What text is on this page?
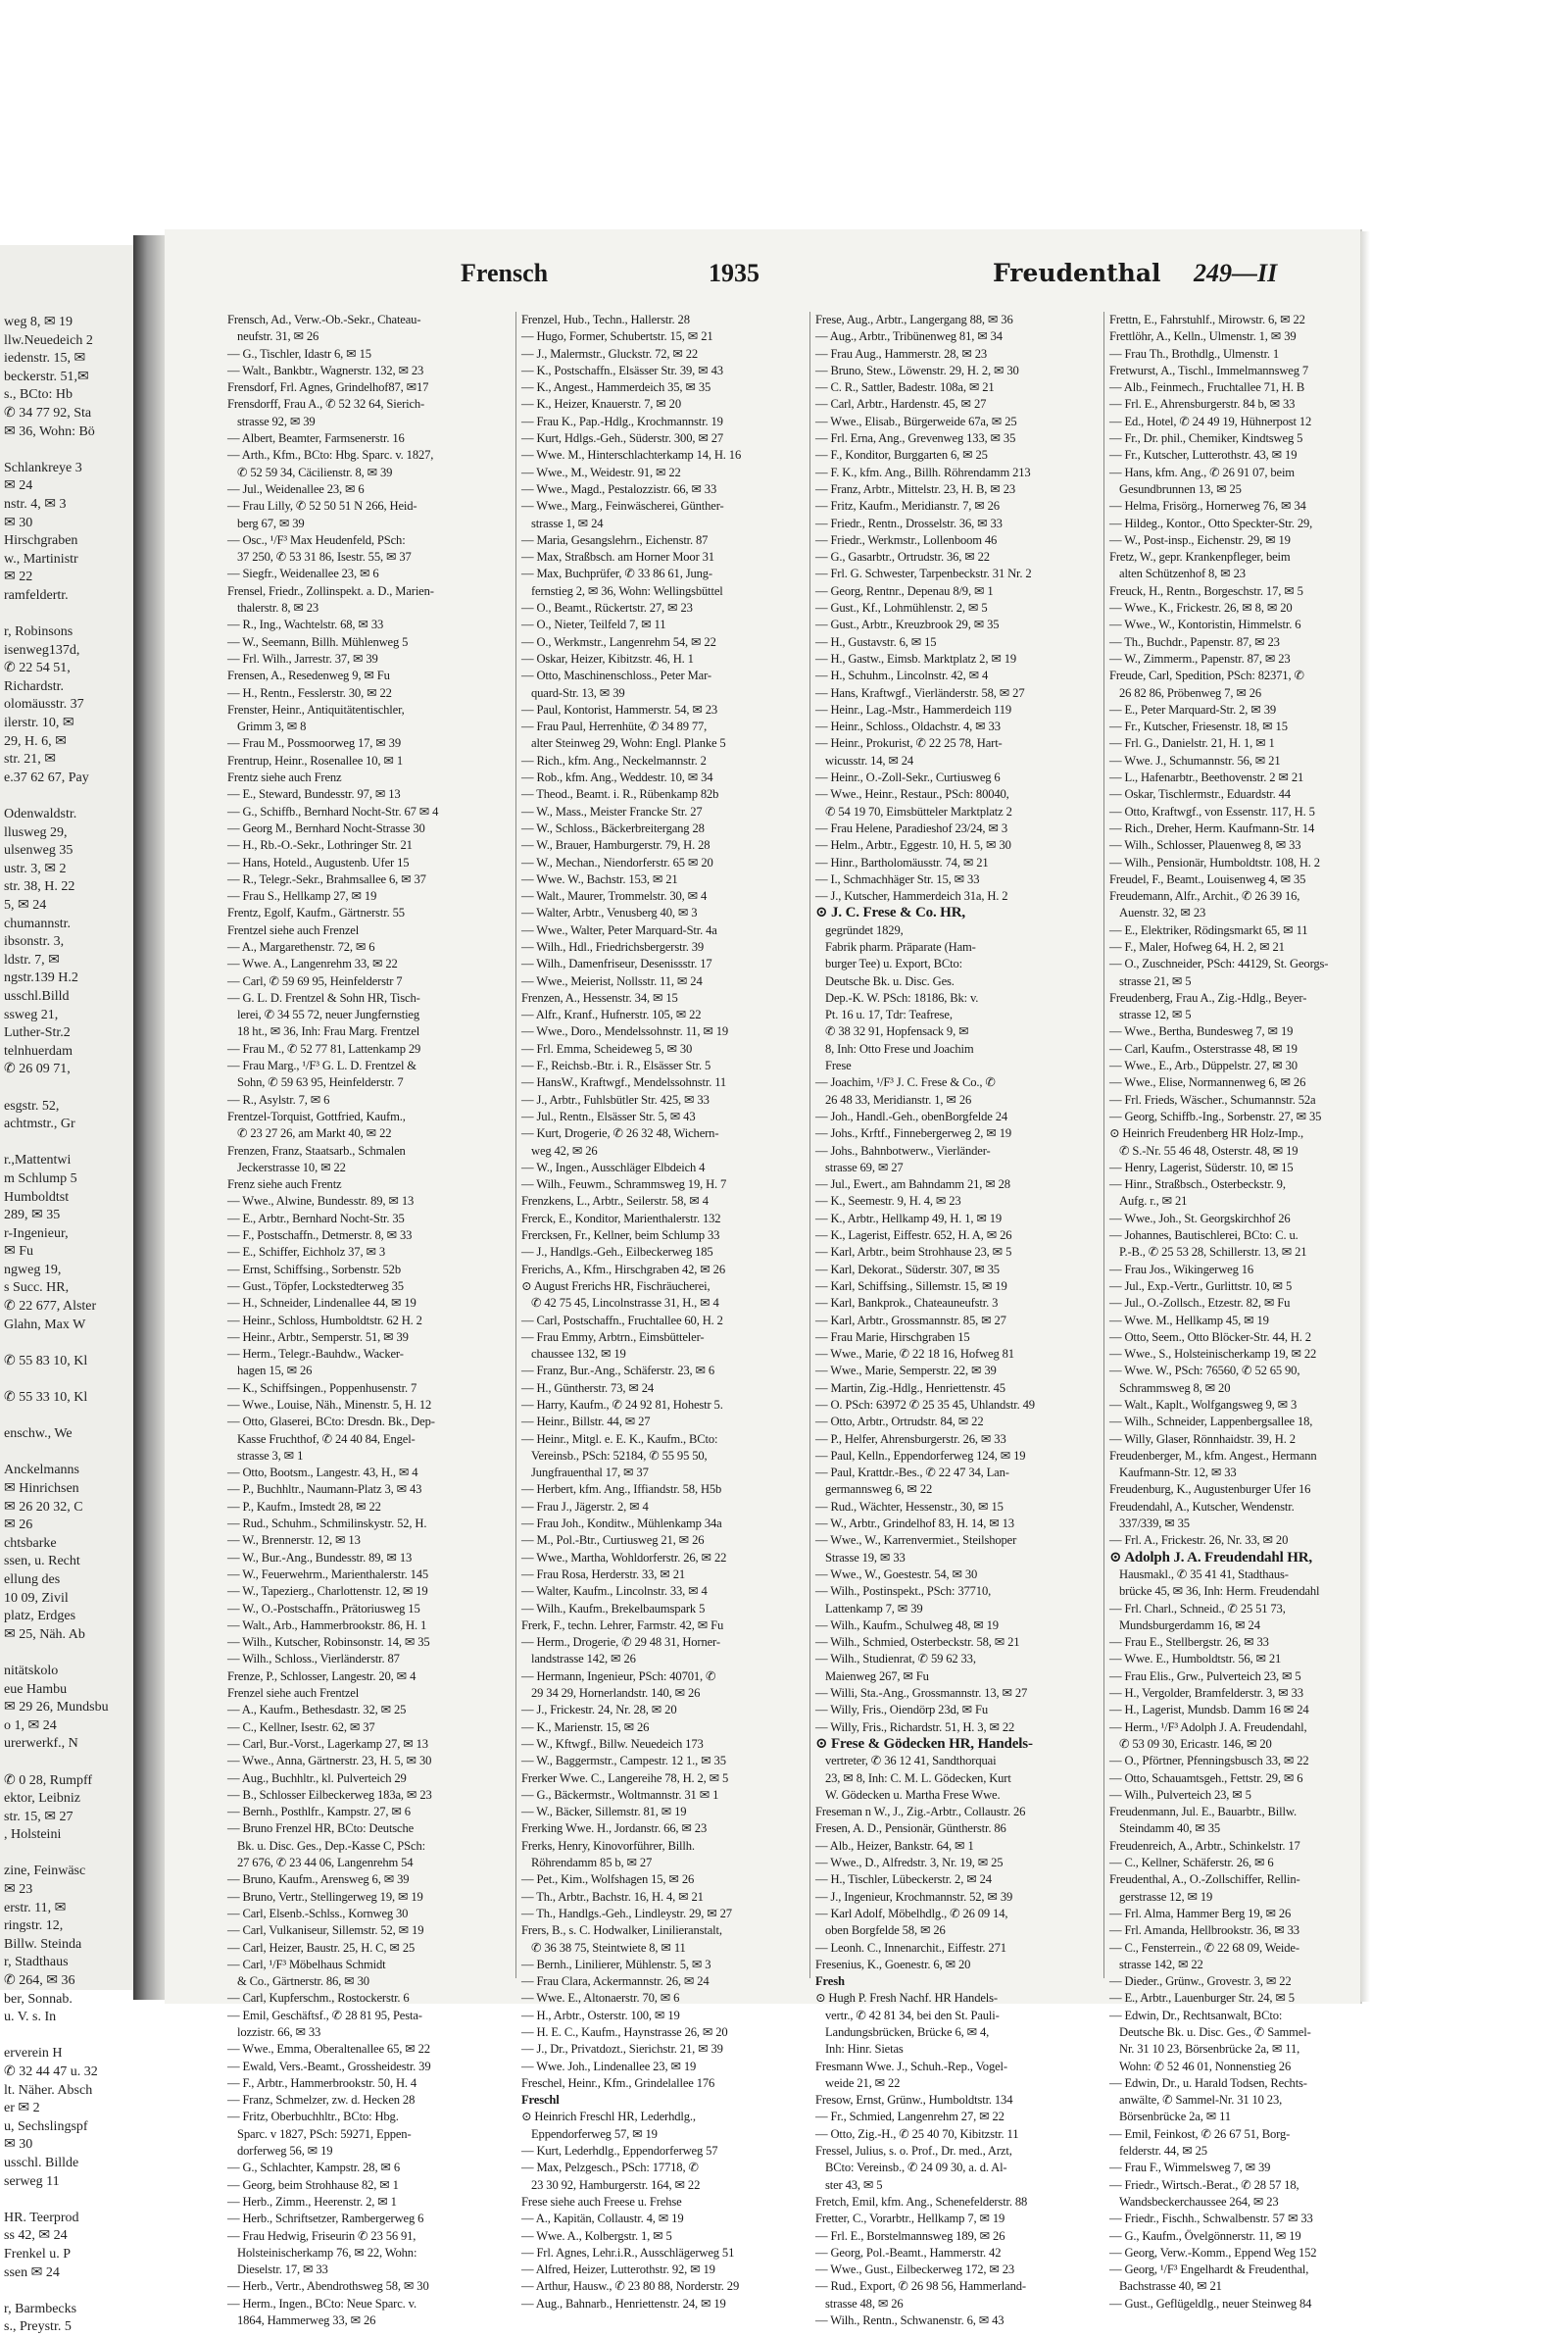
weg 8, ✉ 19
llw.Neuedeich 2
iedenstr. 15, ✉
beckerstr. 51,✉
s., BCto: Hb
✆ 34 77 92, Sta
✉ 36, Wohn: Bö

Schlankreye 3
✉ 24
nstr. 4, ✉ 3
✉ 30
Hirschgraben
w., Martinistr
✉ 22
ramfeldertr.

r, Robinsons
isenweg137d,
✆ 22 54 51,
Richardstr.
olomäusstr. 37
ilerstr. 10, ✉
29, H. 6, ✉
str. 21, ✉
e.37 62 67, Pay

Odenwaldstr.
llusweg 29,
ulsenweg 35
ustr. 3, ✉ 2
str. 38, H. 22
5, ✉ 24
chumannstr.
ibsonstr. 3,
ldstr. 7, ✉
ngstr.139 H.2
usschl.Billd
ssweg 21,
Luther-Str.2
telnhuerdam
✆ 26 09 71,

esgstr. 52,
achtmstr., Gr

r.,Mattentwi
m Schlump 5
Humboldtst
289, ✉ 35
r-Ingenieur,
✉ Fu
ngweg 19,
s Succ. HR,
✆ 22 677, Alster
Glahn, Max W

✆ 55 83 10, Kl

✆ 55 33 10, Kl

enschw., We

Anckelmanns
✉ Hinrichsen
✉ 26 20 32, C
✉ 26
chtsbarke
ssen, u. Recht
ellung des
10 09, Zivil
platz, Erdges
✉ 25, Näh. Ab

nitätskolo
eue Hambu
✉ 29 26, Mundsbu
o 1, ✉ 24
urerwerkf., N

✆ 0 28, Rumpff
ektor, Leibniz
str. 15, ✉ 27
, Holsteini

zine, Feinwäsc
✉ 23
erstr. 11, ✉
ringstr. 12,
Billw. Steinda
r, Stadthaus
✆ 264, ✉ 36
ber, Sonnab.
u. V. s. In

erverein H
✆ 32 44 47 u. 32
lt. Näher. Absch
er ✉ 2
u, Sechslingspf
✉ 30
usschl. Billde
serweg 11

HR. Teerprod
ss 42, ✉ 24
Frenkel u. P
ssen ✉ 24

r, Barmbecks
s., Preystr. 5
Frensch	1935	Freudenthal 249—II
Frensch, Ad., Verw.-Ob.-Sekr., Chateau-
neufstr. 31, ✉ 26
— G., Tischler, Idastr 6, ✉ 15
— Walt., Bankbtr., Wagnerstr. 132, ✉ 23
Frensdorf, Frl. Agnes, Grindelhof87, ✉17
Frensdorff, Frau A., ✆ 52 32 64, Sierich-
strasse 92, ✉ 39
— Albert, Beamter, Farmsenerstr. 16
— Arth., Kfm., BCto: Hbg. Sparc. v. 1827,
✆ 52 59 34, Cäcilienstr. 8, ✉ 39
— Jul., Weidenallee 23, ✉ 6
— Frau Lilly, ✆ 52 50 51 N 266, Heid-
berg 67, ✉ 39
— Osc., ¹/F³ Max Heudenfeld, PSch:
37 250, ✆ 53 31 86, Isestr. 55, ✉ 37
— Siegfr., Weidenallee 23, ✉ 6
Frensel, Friedr., Zollinspekt. a. D., Marien-
thalerstr. 8, ✉ 23
— R., Ing., Wachtelstr. 68, ✉ 33
— W., Seemann, Billh. Mühlenweg 5
— Frl. Wilh., Jarrestr. 37, ✉ 39
Frensen, A., Resedenweg 9, ✉ Fu
— H., Rentn., Fesslerstr. 30, ✉ 22
Frenster, Heinr., Antiquitätentischler,
Grimm 3, ✉ 8
— Frau M., Possmoorweg 17, ✉ 39
Frentrup, Heinr., Rosenallee 10, ✉ 1
Frentz siehe auch Frenz
— E., Steward, Bundesstr. 97, ✉ 13
— G., Schiffb., Bernhard Nocht-Str. 67 ✉ 4
— Georg M., Bernhard Nocht-Strasse 30
— H., Rb.-O.-Sekr., Lothringer Str. 21
— Hans, Hoteld., Augustenb. Ufer 15
— R., Telegr.-Sekr., Brahmsallee 6, ✉ 37
— Frau S., Hellkamp 27, ✉ 19
Frentz, Egolf, Kaufm., Gärtnerstr. 55
Frentzel siehe auch Frenzel
— A., Margarethenstr. 72, ✉ 6
— Wwe. A., Langenrehm 33, ✉ 22
— Carl, ✆ 59 69 95, Heinfelderstr 7
— G. L. D. Frentzel & Sohn HR, Tisch-
lerei, ✆ 34 55 72, neuer Jungfernstieg
18 ht., ✉ 36, Inh: Frau Marg. Frentzel
— Frau M., ✆ 52 77 81, Lattenkamp 29
— Frau Marg., ¹/F³ G. L. D. Frentzel &
Sohn, ✆ 59 63 95, Heinfelderstr. 7
— R., Asylstr. 7, ✉ 6
Frentzel-Torquist, Gottfried, Kaufm.,
✆ 23 27 26, am Markt 40, ✉ 22
Frenzen, Franz, Staatsarb., Schmalen
Jeckerstrasse 10, ✉ 22
Frenz siehe auch Frentz
— Wwe., Alwine, Bundesstr. 89, ✉ 13
— E., Arbtr., Bernhard Nocht-Str. 35
— F., Postschaffn., Detmerstr. 8, ✉ 33
— E., Schiffer, Eichholz 37, ✉ 3
— Ernst, Schiffsing., Sorbenstr. 52b
— Gust., Töpfer, Lockstedterweg 35
— H., Schneider, Lindenallee 44, ✉ 19
— Heinr., Schloss, Humboldtstr. 62 H. 2
— Heinr., Arbtr., Semperstr. 51, ✉ 39
— Herm., Telegr.-Bauhdw., Wacker-
hagen 15, ✉ 26
— K., Schiffsingen., Poppenhusenstr. 7
— Wwe., Louise, Näh., Minenstr. 5, H. 12
— Otto, Glaserei, BCto: Dresdn. Bk., Dep-
Kasse Fruchthof, ✆ 24 40 84, Engel-
strasse 3, ✉ 1
— Otto, Bootsm., Langestr. 43, H., ✉ 4
— P., Buchhltr., Naumann-Platz 3, ✉ 43
— P., Kaufm., Imstedt 28, ✉ 22
— Rud., Schuhm., Schmilinskystr. 52, H.
— W., Brennerstr. 12, ✉ 13
— W., Bur.-Ang., Bundesstr. 89, ✉ 13
— W., Feuerwehrm., Marienthalerstr. 145
— W., Tapezierg., Charlottenstr. 12, ✉ 19
— W., O.-Postschaffn., Prätoriusweg 15
— Walt., Arb., Hammerbrookstr. 86, H. 1
— Wilh., Kutscher, Robinsonstr. 14, ✉ 35
— Wilh., Schloss., Vierländerstr. 87
Frenze, P., Schlosser, Langestr. 20, ✉ 4
Frenzel siehe auch Frentzel
— A., Kaufm., Bethesdastr. 32, ✉ 25
— C., Kellner, Isestr. 62, ✉ 37
— Carl, Bur.-Vorst., Lagerkamp 27, ✉ 13
— Wwe., Anna, Gärtnerstr. 23, H. 5, ✉ 30
— Aug., Buchhltr., kl. Pulverteich 29
— B., Schlosser Eilbeckerweg 183a, ✉ 23
— Bernh., Posthlfr., Kampstr. 27, ✉ 6
— Bruno Frenzel HR, BCto: Deutsche
Bk. u. Disc. Ges., Dep.-Kasse C, PSch:
27 676, ✆ 23 44 06, Langenrehm 54
— Bruno, Kaufm., Arensweg 6, ✉ 39
— Bruno, Vertr., Stellingerweg 19, ✉ 19
— Carl, Elsenb.-Schlss., Kornweg 30
— Carl, Vulkaniseur, Sillemstr. 52, ✉ 19
— Carl, Heizer, Baustr. 25, H. C, ✉ 25
— Carl, ¹/F³ Möbelhaus Schmidt
& Co., Gärtnerstr. 86, ✉ 30
— Carl, Kupferschm., Rostockerstr. 6
— Emil, Geschäftsf., ✆ 28 81 95, Pesta-
lozzistr. 66, ✉ 33
— Wwe., Emma, Oberaltenallee 65, ✉ 22
— Ewald, Vers.-Beamt., Grossheidestr. 39
— F., Arbtr., Hammerbrookstr. 50, H. 4
— Franz, Schmelzer, zw. d. Hecken 28
— Fritz, Oberbuchhltr., BCto: Hbg.
Sparc. v 1827, PSch: 59271, Eppen-
dorferweg 56, ✉ 19
— G., Schlachter, Kampstr. 28, ✉ 6
— Georg, beim Strohhause 82, ✉ 1
— Herb., Zimm., Heerenstr. 2, ✉ 1
— Herb., Schriftsetzer, Rambergerweg 6
— Frau Hedwig, Friseurin ✆ 23 56 91,
Holsteinischerkamp 76, ✉ 22, Wohn:
Dieselstr. 17, ✉ 33
— Herb., Vertr., Abendrothsweg 58, ✉ 30
— Herm., Ingen., BCto: Neue Sparc. v.
1864, Hammerweg 33, ✉ 26
Frenzel, Hub., Techn., Hallerstr. 28
— Hugo, Former, Schubertstr. 15, ✉ 21
— J., Malermstr., Gluckstr. 72, ✉ 22
— K., Postschaffn., Elsässer Str. 39, ✉ 43
— K., Angest., Hammerdeich 35, ✉ 35
— K., Heizer, Knauerstr. 7, ✉ 20
— Frau K., Pap.-Hdlg., Krochmannstr. 19
— Kurt, Hdlgs.-Geh., Süderstr. 300, ✉ 27
— Wwe. M., Hinterschlachterkamp 14, H. 16
— Wwe., M., Weidestr. 91, ✉ 22
— Wwe., Magd., Pestalozzistr. 66, ✉ 33
— Wwe., Marg., Feinwäscherei, Günther-
strasse 1, ✉ 24
— Maria, Gesangslehrn., Eichenstr. 87
— Max, Straßbsch. am Horner Moor 31
— Max, Buchprüfer, ✆ 33 86 61, Jung-
fernstieg 2, ✉ 36, Wohn: Wellingsbüttel
— O., Beamt., Rückertstr. 27, ✉ 23
— O., Nieter, Teilfeld 7, ✉ 11
— O., Werkmstr., Langenrehm 54, ✉ 22
— Oskar, Heizer, Kibitzstr. 46, H. 1
— Otto, Maschinenschloss., Peter Mar-
quard-Str. 13, ✉ 39
— Paul, Kontorist, Hammerstr. 54, ✉ 23
— Frau Paul, Herrenhüte, ✆ 34 89 77,
alter Steinweg 29, Wohn: Engl. Planke 5
— Rich., kfm. Ang., Neckelmannstr. 2
— Rob., kfm. Ang., Weddestr. 10, ✉ 34
— Theod., Beamt. i. R., Rübenkamp 82b
— W., Mass., Meister Francke Str. 27
— W., Schloss., Bäckerbreitergang 28
— W., Brauer, Hamburgerstr. 79, H. 28
— W., Mechan., Niendorferstr. 65 ✉ 20
— Wwe. W., Bachstr. 153, ✉ 21
— Walt., Maurer, Trommelstr. 30, ✉ 4
— Walter, Arbtr., Venusberg 40, ✉ 3
— Wwe., Walter, Peter Marquard-Str. 4a
— Wilh., Hdl., Friedrichsbergerstr. 39
— Wilh., Damenfriseur, Desenissstr. 17
— Wwe., Meierist, Nollsstr. 11, ✉ 24
Frenzen, A., Hessenstr. 34, ✉ 15
— Alfr., Kranf., Hufnerstr. 105, ✉ 22
— Wwe., Doro., Mendelssohnstr. 11, ✉ 19
— Frl. Emma, Scheideweg 5, ✉ 30
— F., Reichsb.-Btr. i. R., Elsässer Str. 5
— HansW., Kraftwgf., Mendelssohnstr. 11
— J., Arbtr., Fuhlsbütler Str. 425, ✉ 33
— Jul., Rentn., Elsässer Str. 5, ✉ 43
— Kurt, Drogerie, ✆ 26 32 48, Wichern-
weg 42, ✉ 26
— W., Ingen., Ausschläger Elbdeich 4
— Wilh., Feuwm., Schrammsweg 19, H. 7
Frenzkens, L., Arbtr., Seilerstr. 58, ✉ 4
Frerck, E., Konditor, Marienthalerstr. 132
Frercksen, Fr., Kellner, beim Schlump 33
— J., Handlgs.-Geh., Eilbeckerweg 185
Frerichs, A., Kfm., Hirschgraben 42, ✉ 26
⊙ August Frerichs HR, Fischräucherei,
✆ 42 75 45, Lincolnstrasse 31, H., ✉ 4
— Carl, Postschaffn., Fruchtallee 60, H. 2
— Frau Emmy, Arbtrn., Eimsbütteler-
chaussee 132, ✉ 19
— Franz, Bur.-Ang., Schäferstr. 23, ✉ 6
— H., Güntherstr. 73, ✉ 24
— Harry, Kaufm., ✆ 24 92 81, Hohestr 5.
— Heinr., Billstr. 44, ✉ 27
— Heinr., Mitgl. e. E. K., Kaufm., BCto:
Vereinsb., PSch: 52184, ✆ 55 95 50,
Jungfrauenthal 17, ✉ 37
— Herbert, kfm. Ang., Iffiandstr. 58, H5b
— Frau J., Jägerstr. 2, ✉ 4
— Frau Joh., Konditw., Mühlenkamp 34a
— M., Pol.-Btr., Curtiusweg 21, ✉ 26
— Wwe., Martha, Wohldorferstr. 26, ✉ 22
— Frau Rosa, Herderstr. 33, ✉ 21
— Walter, Kaufm., Lincolnstr. 33, ✉ 4
— Wilh., Kaufm., Brekelbaumspark 5
Frerk, F., techn. Lehrer, Farmstr. 42, ✉ Fu
— Herm., Drogerie, ✆ 29 48 31, Horner-
landstrasse 142, ✉ 26
— Hermann, Ingenieur, PSch: 40701, ✆
29 34 29, Hornerlandstr. 140, ✉ 26
— J., Frickestr. 24, Nr. 28, ✉ 20
— K., Marienstr. 15, ✉ 26
— W., Kftwgf., Billw. Neuedeich 173
— W., Baggermstr., Campestr. 12 1., ✉ 35
Frerker Wwe. C., Langereihe 78, H. 2, ✉ 5
— G., Bäckermstr., Woltmannstr. 31 ✉ 1
— W., Bäcker, Sillemstr. 81, ✉ 19
Frerking Wwe. H., Jordanstr. 66, ✉ 23
Frerks, Henry, Kinovorführer, Billh.
Röhrendamm 85 b, ✉ 27
— Pet., Kim., Wolfshagen 15, ✉ 26
— Th., Arbtr., Bachstr. 16, H. 4, ✉ 21
— Th., Handlgs.-Geh., Lindleystr. 29, ✉ 27
Frers, B., s. C. Hodwalker, Linilieranstalt,
✆ 36 38 75, Steintwiete 8, ✉ 11
— Bernh., Linilierer, Mühlenstr. 5, ✉ 3
— Frau Clara, Ackermannstr. 26, ✉ 24
— Wwe. E., Altonaerstr. 70, ✉ 6
— H., Arbtr., Osterstr. 100, ✉ 19
— H. E. C., Kaufm., Haynstrasse 26, ✉ 20
— J., Dr., Privatdozt., Sierichstr. 21, ✉ 39
— Wwe. Joh., Lindenallee 23, ✉ 19
Freschel, Heinr., Kfm., Grindelallee 176
Freschl
⊙ Heinrich Freschl HR, Lederhdlg.,
Eppendorferweg 57, ✉ 19
— Kurt, Lederhdlg., Eppendorferweg 57
— Max, Pelzgesch., PSch: 17718, ✆
23 30 92, Hamburgerstr. 164, ✉ 22
Frese siehe auch Freese u. Frehse
— A., Kapitän, Collaustr. 4, ✉ 19
— Wwe. A., Kolbergstr. 1, ✉ 5
— Frl. Agnes, Lehr.i.R., Ausschlägerweg 51
— Alfred, Heizer, Lutterothstr. 92, ✉ 19
— Arthur, Hausw., ✆ 23 80 88, Norderstr. 29
— Aug., Bahnarb., Henriettenstr. 24, ✉ 19
Frese, Aug., Arbtr., Langergang 88, ✉ 36
— Aug., Arbtr., Tribünenweg 81, ✉ 34
— Frau Aug., Hammerstr. 28, ✉ 23
— Bruno, Stew., Löwenstr. 29, H. 2, ✉ 30
— C. R., Sattler, Badestr. 108a, ✉ 21
— Carl, Arbtr., Hardenstr. 45, ✉ 27
— Wwe., Elisab., Bürgerweide 67a, ✉ 25
— Frl. Erna, Ang., Grevenweg 133, ✉ 35
— F., Konditor, Burggarten 6, ✉ 25
— F. K., kfm. Ang., Billh. Röhrendamm 213
— Franz, Arbtr., Mittelstr. 23, H. B, ✉ 23
— Fritz, Kaufm., Meridianstr. 7, ✉ 26
— Friedr., Rentn., Drosselstr. 36, ✉ 33
— Friedr., Werkmstr., Lollenboom 46
— G., Gasarbtr., Ortrudstr. 36, ✉ 22
— Frl. G. Schwester, Tarpenbeckstr. 31 Nr. 2
— Georg, Rentnr., Depenau 8/9, ✉ 1
— Gust., Kf., Lohmühlenstr. 2, ✉ 5
— Gust., Arbtr., Kreuzbrook 29, ✉ 35
— H., Gustavstr. 6, ✉ 15
— H., Gastw., Eimsb. Marktplatz 2, ✉ 19
— H., Schuhm., Lincolnstr. 42, ✉ 4
— Hans, Kraftwgf., Vierländerstr. 58, ✉ 27
— Heinr., Lag.-Mstr., Hammerdeich 119
— Heinr., Schloss., Oldachstr. 4, ✉ 33
— Heinr., Prokurist, ✆ 22 25 78, Hart-
wicusstr. 14, ✉ 24
— Heinr., O.-Zoll-Sekr., Curtiusweg 6
— Wwe., Heinr., Restaur., PSch: 80040,
✆ 54 19 70, Eimsbütteler Marktplatz 2
— Frau Helene, Paradieshof 23/24, ✉ 3
— Helm., Arbtr., Eggestr. 10, H. 5, ✉ 30
— Hinr., Bartholomäusstr. 74, ✉ 21
— I., Schmachhäger Str. 15, ✉ 33
— J., Kutscher, Hammerdeich 31a, H. 2
⊙ J. C. Frese & Co. HR,
gegründet 1829,
Fabrik pharm. Präparate (Ham-
burger Tee) u. Export, BCto:
Deutsche Bk. u. Disc. Ges.
Dep.-K. W. PSch: 18186, Bk: v.
Pt. 16 u. 17, Tdr: Teafrese,
✆ 38 32 91, Hopfensack 9, ✉
8, Inh: Otto Frese und Joachim
Frese
— Joachim, ¹/F³ J. C. Frese & Co., ✆
26 48 33, Meridianstr. 1, ✉ 26
— Joh., Handl.-Geh., obenBorgfelde 24
— Johs., Krftf., Finnebergerweg 2, ✉ 19
— Johs., Bahnbotwerw., Vierländer-
strasse 69, ✉ 27
— Jul., Ewert., am Bahndamm 21, ✉ 28
— K., Seemestr. 9, H. 4, ✉ 23
— K., Arbtr., Hellkamp 49, H. 1, ✉ 19
— K., Lagerist, Eiffestr. 652, H. A, ✉ 26
— Karl, Arbtr., beim Strohhause 23, ✉ 5
— Karl, Dekorat., Süderstr. 307, ✉ 35
— Karl, Schiffsing., Sillemstr. 15, ✉ 19
— Karl, Bankprok., Chateauneufstr. 3
— Karl, Arbtr., Grossmannstr. 85, ✉ 27
— Frau Marie, Hirschgraben 15
— Wwe., Marie, ✆ 22 18 16, Hofweg 81
— Wwe., Marie, Semperstr. 22, ✉ 39
— Martin, Zig.-Hdlg., Henriettenstr. 45
— O. PSch: 63972 ✆ 25 35 45, Uhlandstr. 49
— Otto, Arbtr., Ortrudstr. 84, ✉ 22
— P., Helfer, Ahrensburgerstr. 26, ✉ 33
— Paul, Kelln., Eppendorferweg 124, ✉ 19
— Paul, Krattdr.-Bes., ✆ 22 47 34, Lan-
germannsweg 6, ✉ 22
— Rud., Wächter, Hessenstr., 30, ✉ 15
— W., Arbtr., Grindelhof 83, H. 14, ✉ 13
— Wwe., W., Karrenvermiet., Steilshoper
Strasse 19, ✉ 33
— Wwe., W., Goestestr. 54, ✉ 30
— Wilh., Postinspekt., PSch: 37710,
Lattenkamp 7, ✉ 39
— Wilh., Kaufm., Schulweg 48, ✉ 19
— Wilh., Schmied, Osterbeckstr. 58, ✉ 21
— Wilh., Studienrat, ✆ 59 62 33,
Maienweg 267, ✉ Fu
— Willi, Sta.-Ang., Grossmannstr. 13, ✉ 27
— Willy, Fris., Oiendörp 23d, ✉ Fu
— Willy, Fris., Richardstr. 51, H. 3, ✉ 22
⊙ Frese & Gödecken HR, Handels-
vertreter, ✆ 36 12 41, Sandthorquai
23, ✉ 8, Inh: C. M. L. Gödecken, Kurt
W. Gödecken u. Martha Frese Wwe.
Freseman n W., J., Zig.-Arbtr., Collaustr. 26
Fresen, A. D., Pensionär, Güntherstr. 86
— Alb., Heizer, Bankstr. 64, ✉ 1
— Wwe., D., Alfredstr. 3, Nr. 19, ✉ 25
— H., Tischler, Lübeckerstr. 2, ✉ 24
— J., Ingenieur, Krochmannstr. 52, ✉ 39
— Karl Adolf, Möbelhdlg., ✆ 26 09 14,
oben Borgfelde 58, ✉ 26
— Leonh. C., Innenarchit., Eiffestr. 271
Fresenius, K., Goenestr. 6, ✉ 20
Fresh
⊙ Hugh P. Fresh Nachf. HR Handels-
vertr., ✆ 42 81 34, bei den St. Pauli-
Landungsbrücken, Brücke 6, ✉ 4,
Inh: Hinr. Sietas
Fresmann Wwe. J., Schuh.-Rep., Vogel-
weide 21, ✉ 22
Fresow, Ernst, Grünw., Humboldtstr. 134
— Fr., Schmied, Langenrehm 27, ✉ 22
— Otto, Zig.-H., ✆ 25 40 70, Kibitzstr. 11
Fressel, Julius, s. o. Prof., Dr. med., Arzt,
BCto: Vereinsb., ✆ 24 09 30, a. d. Al-
ster 43, ✉ 5
Fretch, Emil, kfm. Ang., Schenefelderstr. 88
Fretter, C., Vorarbtr., Hellkamp 7, ✉ 19
— Frl. E., Borstelmannsweg 189, ✉ 26
— Georg, Pol.-Beamt., Hammerstr. 42
— Wwe., Gust., Eilbeckerweg 172, ✉ 23
— Rud., Export, ✆ 26 98 56, Hammerland-
strasse 48, ✉ 26
— Wilh., Rentn., Schwanenstr. 6, ✉ 43
Frettn, E., Fahrstuhlf., Mirowstr. 6, ✉ 22
Frettlöhr, A., Kelln., Ulmenstr. 1, ✉ 39
— Frau Th., Brothdlg., Ulmenstr. 1
Fretwurst, A., Tischl., Immelmannsweg 7
— Alb., Feinmech., Fruchtallee 71, H. B
— Frl. E., Ahrensburgerstr. 84 b, ✉ 33
— Ed., Hotel, ✆ 24 49 19, Hühnerpost 12
— Fr., Dr. phil., Chemiker, Kindtsweg 5
— Fr., Kutscher, Lutterothstr. 43, ✉ 19
— Hans, kfm. Ang., ✆ 26 91 07, beim
Gesundbrunnen 13, ✉ 25
— Helma, Frisörg., Hornerweg 76, ✉ 34
— Hildeg., Kontor., Otto Speckter-Str. 29,
— W., Post-insp., Eichenstr. 29, ✉ 19
Fretz, W., gepr. Krankenpfleger, beim
alten Schützenhof 8, ✉ 23
Freuck, H., Rentn., Borgeschstr. 17, ✉ 5
— Wwe., K., Frickestr. 26, ✉ 8, ✉ 20
— Wwe., W., Kontoristin, Himmelstr. 6
— Th., Buchdr., Papenstr. 87, ✉ 23
— W., Zimmerm., Papenstr. 87, ✉ 23
Freude, Carl, Spedition, PSch: 82371, ✆
26 82 86, Pröbenweg 7, ✉ 26
— E., Peter Marquard-Str. 2, ✉ 39
— Fr., Kutscher, Friesenstr. 18, ✉ 15
— Frl. G., Danielstr. 21, H. 1, ✉ 1
— Wwe. J., Schumannstr. 56, ✉ 21
— L., Hafenarbtr., Beethovenstr. 2 ✉ 21
— Oskar, Tischlermstr., Eduardstr. 44
— Otto, Kraftwgf., von Essenstr. 117, H. 5
— Rich., Dreher, Herm. Kaufmann-Str. 14
— Wilh., Schlosser, Plauenweg 8, ✉ 33
— Wilh., Pensionär, Humboldtstr. 108, H. 2
Freudel, F., Beamt., Louisenweg 4, ✉ 35
Freudemann, Alfr., Archit., ✆ 26 39 16,
Auenstr. 32, ✉ 23
— E., Elektriker, Rödingsmarkt 65, ✉ 11
— F., Maler, Hofweg 64, H. 2, ✉ 21
— O., Zuschneider, PSch: 44129, St. Georgs-
strasse 21, ✉ 5
Freudenberg, Frau A., Zig.-Hdlg., Beyer-
strasse 12, ✉ 5
— Wwe., Bertha, Bundesweg 7, ✉ 19
— Carl, Kaufm., Osterstrasse 48, ✉ 19
— Wwe., E., Arb., Düppelstr. 27, ✉ 30
— Wwe., Elise, Normannenweg 6, ✉ 26
— Frl. Frieds, Wäscher., Schumannstr. 52a
— Georg, Schiffb.-Ing., Sorbenstr. 27, ✉ 35
⊙ Heinrich Freudenberg HR Holz-Imp.,
✆ S.-Nr. 55 46 48, Osterstr. 48, ✉ 19
— Henry, Lagerist, Süderstr. 10, ✉ 15
— Hinr., Straßbsch., Osterbeckstr. 9,
Aufg. r., ✉ 21
— Wwe., Joh., St. Georgskirchhof 26
— Johannes, Bautischlerei, BCto: C. u.
P.-B., ✆ 25 53 28, Schillerstr. 13, ✉ 21
— Frau Jos., Wikingerweg 16
— Jul., Exp.-Vertr., Gurlittstr. 10, ✉ 5
— Jul., O.-Zollsch., Etzestr. 82, ✉ Fu
— Wwe. M., Hellkamp 45, ✉ 19
— Otto, Seem., Otto Blöcker-Str. 44, H. 2
— Wwe., S., Holsteinischerkamp 19, ✉ 22
— Wwe. W., PSch: 76560, ✆ 52 65 90,
Schrammsweg 8, ✉ 20
— Walt., Kaplt., Wolfgangsweg 9, ✉ 3
— Wilh., Schneider, Lappenbergsallee 18,
— Willy, Glaser, Rönnhaidstr. 39, H. 2
Freudenberger, M., kfm. Angest., Hermann
Kaufmann-Str. 12, ✉ 33
Freudenburg, K., Augustenburger Ufer 16
Freudendahl, A., Kutscher, Wendenstr.
337/339, ✉ 35
— Frl. A., Frickestr. 26, Nr. 33, ✉ 20
⊙ Adolph J. A. Freudendahl HR,
Hausmakl., ✆ 35 41 41, Stadthaus-
brücke 45, ✉ 36, Inh: Herm. Freudendahl
— Frl. Charl., Schneid., ✆ 25 51 73,
Mundsburgerdamm 16, ✉ 24
— Frau E., Stellbergstr. 26, ✉ 33
— Wwe. E., Humboldtstr. 56, ✉ 21
— Frau Elis., Grw., Pulverteich 23, ✉ 5
— H., Vergolder, Bramfelderstr. 3, ✉ 33
— H., Lagerist, Mundsb. Damm 16 ✉ 24
— Herm., ¹/F³ Adolph J. A. Freudendahl,
✆ 53 09 30, Ericastr. 146, ✉ 20
— O., Pförtner, Pfenningsbusch 33, ✉ 22
— Otto, Schauamtsgeh., Fettstr. 29, ✉ 6
— Wilh., Pulverteich 23, ✉ 5
Freudenmann, Jul. E., Bauarbtr., Billw.
Steindamm 40, ✉ 35
Freudenreich, A., Arbtr., Schinkelstr. 17
— C., Kellner, Schäferstr. 26, ✉ 6
Freudenthal, A., O.-Zollschiffer, Rellin-
gerstrasse 12, ✉ 19
— Frl. Alma, Hammer Berg 19, ✉ 26
— Frl. Amanda, Hellbrookstr. 36, ✉ 33
— C., Fensterrein., ✆ 22 68 09, Weide-
strasse 142, ✉ 22
— Dieder., Grünw., Grovestr. 3, ✉ 22
— E., Arbtr., Lauenburger Str. 24, ✉ 5
— Edwin, Dr., Rechtsanwalt, BCto:
Deutsche Bk. u. Disc. Ges., ✆ Sammel-
Nr. 31 10 23, Börsenbrücke 2a, ✉ 11,
Wohn: ✆ 52 46 01, Nonnenstieg 26
— Edwin, Dr., u. Harald Todsen, Rechts-
anwälte, ✆ Sammel-Nr. 31 10 23,
Börsenbrücke 2a, ✉ 11
— Emil, Feinkost, ✆ 26 67 51, Borg-
felderstr. 44, ✉ 25
— Frau F., Wimmelsweg 7, ✉ 39
— Friedr., Wirtsch.-Berat., ✆ 28 57 18,
Wandsbeckerchaussee 264, ✉ 23
— Friedr., Fischh., Schwalbenstr. 57 ✉ 33
— G., Kaufm., Övelgönnerstr. 11, ✉ 19
— Georg, Verw.-Komm., Eppend Weg 152
— Georg, ¹/F³ Engelhardt & Freudenthal,
Bachstrasse 40, ✉ 21
— Gust., Geflügeldlg., neuer Steinweg 84
